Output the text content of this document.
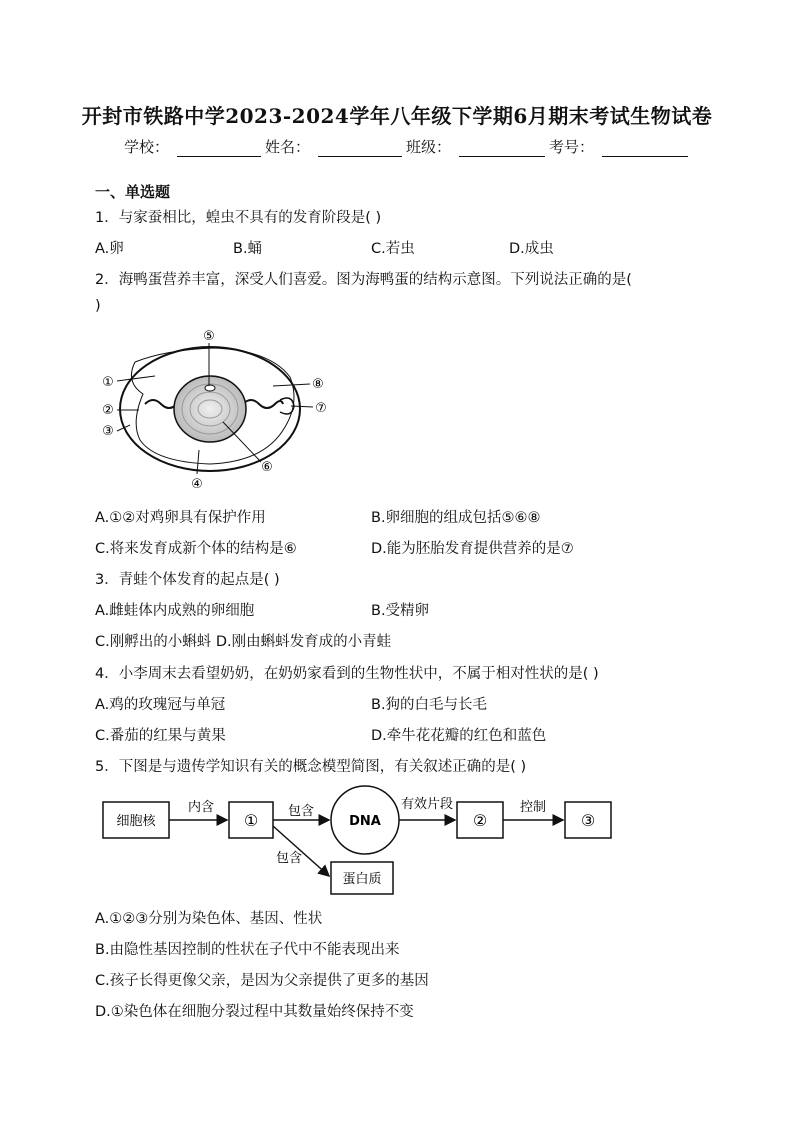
开封市铁路中学2023-2024学年八年级下学期6月期末考试生物试卷
学校：	姓名：	班级：	考号：
一、单选题
1．与家蚕相比，蝗虫不具有的发育阶段是( )
A.卵	B.蛹	C.若虫	D.成虫
2．海鸭蛋营养丰富，深受人们喜爱。图为海鸭蛋的结构示意图。下列说法正确的是(
)
⑤
①
②
③
④
⑥
⑦
⑧
A.①②对鸡卵具有保护作用	B.卵细胞的组成包括⑤⑥⑧
C.将来发育成新个体的结构是⑥	D.能为胚胎发育提供营养的是⑦
3．青蛙个体发育的起点是( )
A.雌蛙体内成熟的卵细胞	B.受精卵
C.刚孵出的小蝌蚪 D.刚由蝌蚪发育成的小青蛙
4．小李周末去看望奶奶，在奶奶家看到的生物性状中，不属于相对性状的是( )
A.鸡的玫瑰冠与单冠	B.狗的白毛与长毛
C.番茄的红果与黄果	D.牵牛花花瓣的红色和蓝色
5．下图是与遗传学知识有关的概念模型简图，有关叙述正确的是( )
细胞核
内含
① 包含
DNA
有效片段
②
控制
③
包含
蛋白质
A.①②③分别为染色体、基因、性状
B.由隐性基因控制的性状在子代中不能表现出来
C.孩子长得更像父亲，是因为父亲提供了更多的基因
D.①染色体在细胞分裂过程中其数量始终保持不变
